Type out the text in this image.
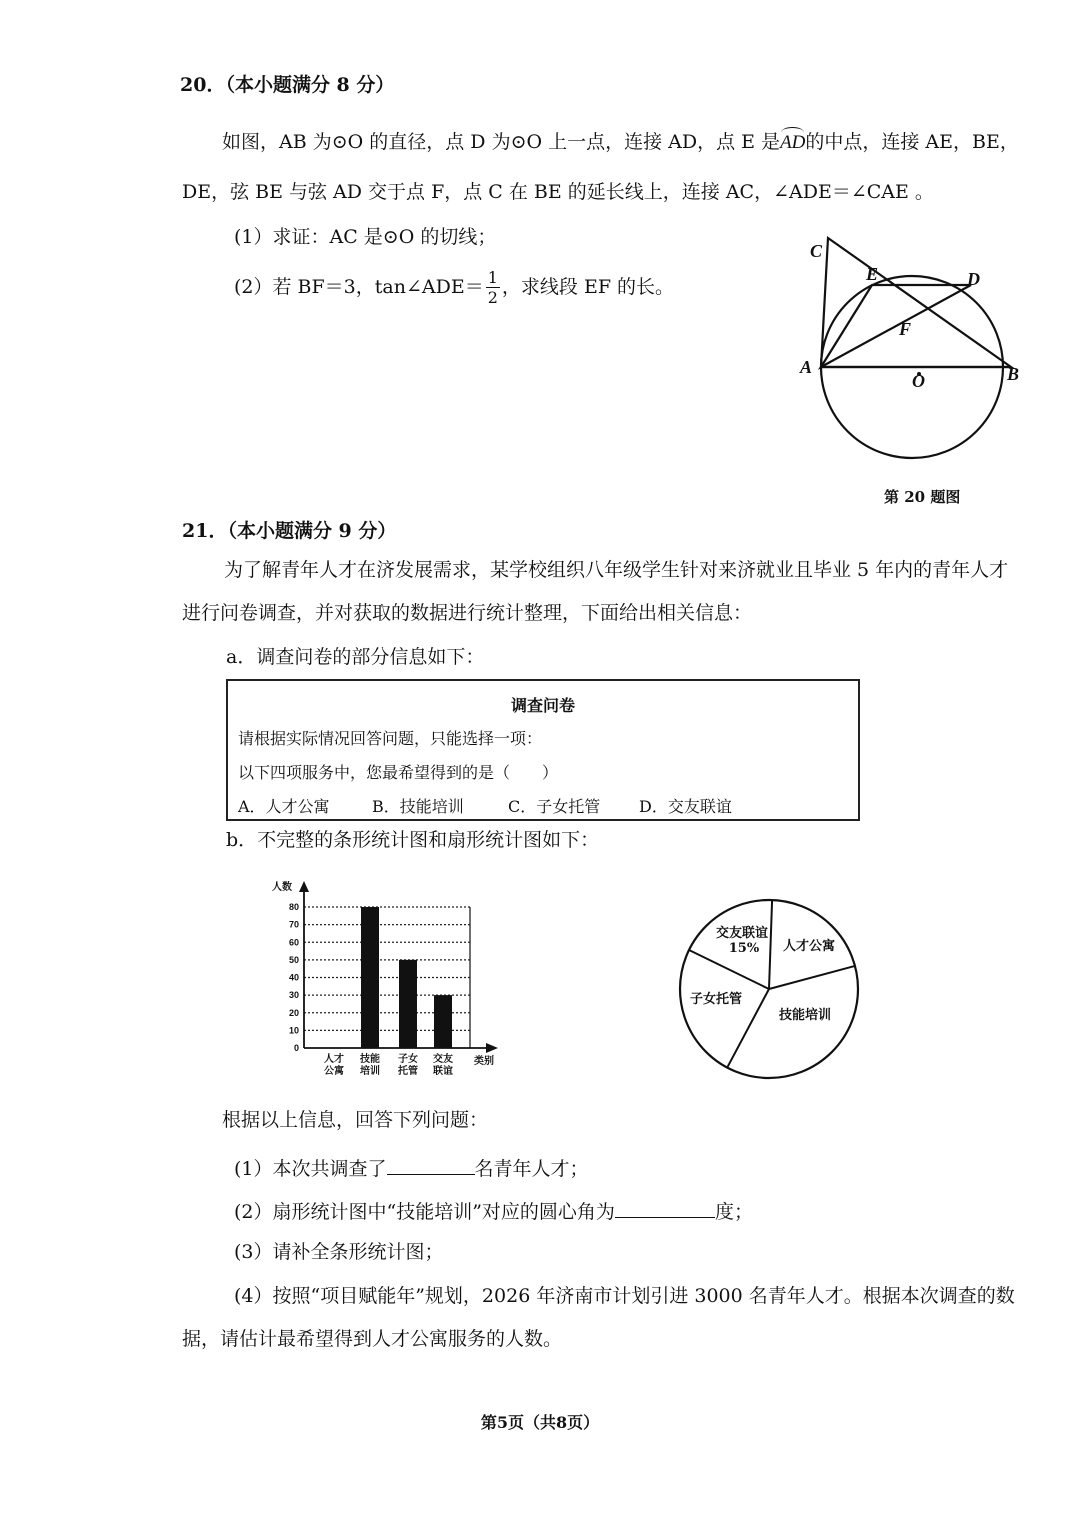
20．（本小题满分 8 分）
如图，AB 为⊙O 的直径，点 D 为⊙O 上一点，连接 AD，点 E 是AD的中点，连接 AE，BE，
DE，弦 BE 与弦 AD 交于点 F，点 C 在 BE 的延长线上，连接 AC，∠ADE＝∠CAE 。
(1）求证：AC 是⊙O 的切线；
(2）若 BF＝3，tan∠ADE＝ $\frac{1}{2}$ ，求线段 EF 的长。
C
E	D
F
A
O	B
第 20 题图
21．（本小题满分 9 分）
为了解青年人才在济发展需求，某学校组织八年级学生针对来济就业且毕业 5 年内的青年人才
进行问卷调查，并对获取的数据进行统计整理，下面给出相关信息：
a．调查问卷的部分信息如下：
调查问卷
请根据实际情况回答问题，只能选择一项：
以下四项服务中，您最希望得到的是（　　）
A．人才公寓	B．技能培训	C．子女托管 D．交友联谊
b．不完整的条形统计图和扇形统计图如下：
0
10
20
30
40
50
60
70
80
人数
类别
人才
公寓
技能
培训
子女
托管
交友
联谊
交友联谊
人才公寓
技能培训
子女托管
15%
根据以上信息，回答下列问题：
(1）本次共调查了	名青年人才；
(2）扇形统计图中“技能培训”对应的圆心角为	度；
(3）请补全条形统计图；
(4）按照“项目赋能年”规划，2026 年济南市计划引进 3000 名青年人才。根据本次调查的数
据，请估计最希望得到人才公寓服务的人数。
第5页（共8页）
